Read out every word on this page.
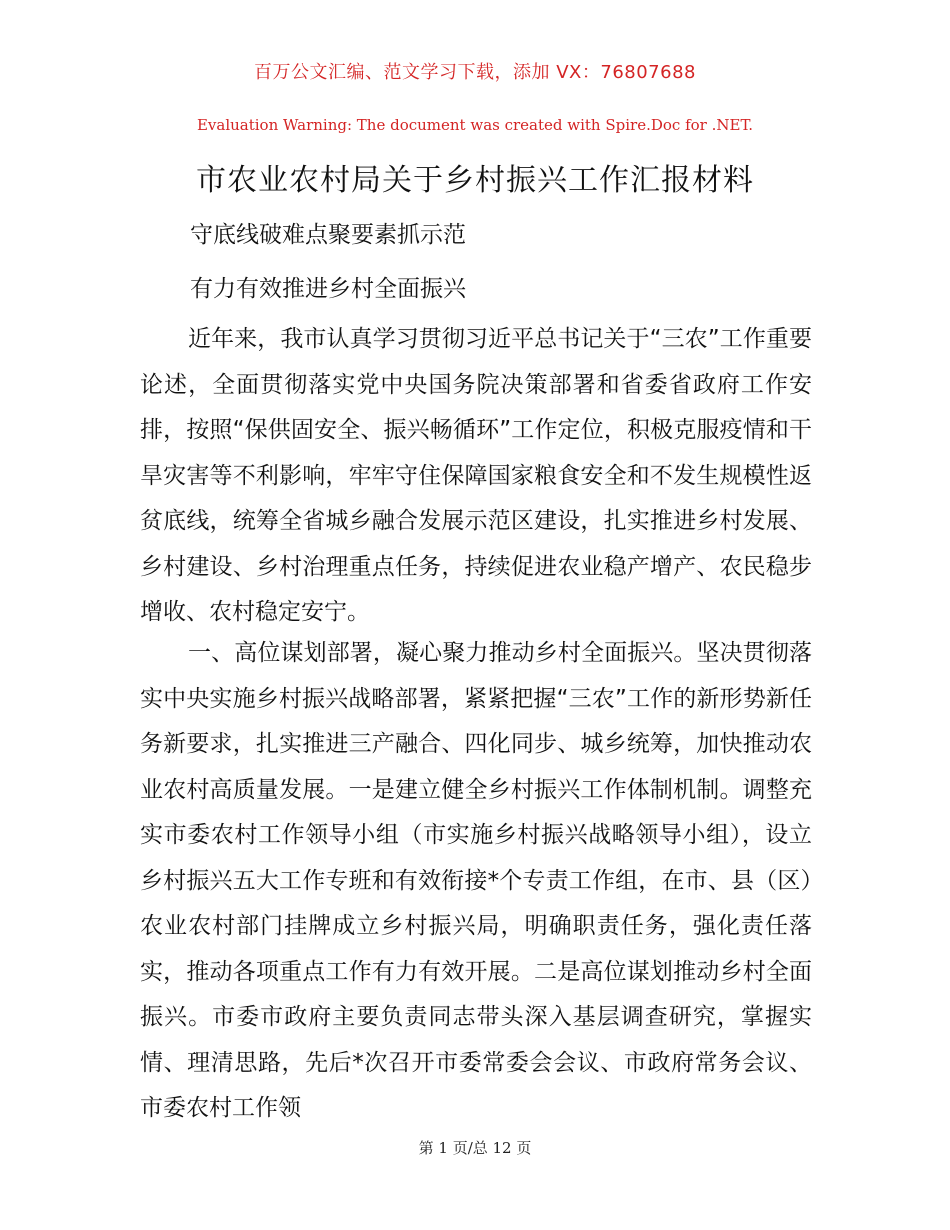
百万公文汇编、范文学习下载，添加 VX：76807688
Evaluation Warning: The document was created with Spire.Doc for .NET.
市农业农村局关于乡村振兴工作汇报材料
守底线破难点聚要素抓示范
有力有效推进乡村全面振兴

近年来，我市认真学习贯彻习近平总书记关于“三农”工作重要论述，全面贯彻落实党中央国务院决策部署和省委省政府工作安排，按照“保供固安全、振兴畅循环”工作定位，积极克服疫情和干旱灾害等不利影响，牢牢守住保障国家粮食安全和不发生规模性返贫底线，统筹全省城乡融合发展示范区建设，扎实推进乡村发展、乡村建设、乡村治理重点任务，持续促进农业稳产增产、农民稳步增收、农村稳定安宁。

一、高位谋划部署，凝心聚力推动乡村全面振兴。坚决贯彻落实中央实施乡村振兴战略部署，紧紧把握“三农”工作的新形势新任务新要求，扎实推进三产融合、四化同步、城乡统筹，加快推动农业农村高质量发展。一是建立健全乡村振兴工作体制机制。调整充实市委农村工作领导小组（市实施乡村振兴战略领导小组），设立乡村振兴五大工作专班和有效衔接*个专责工作组，在市、县（区）农业农村部门挂牌成立乡村振兴局，明确职责任务，强化责任落实，推动各项重点工作有力有效开展。二是高位谋划推动乡村全面振兴。市委市政府主要负责同志带头深入基层调查研究，掌握实情、理清思路，先后*次召开市委常委会会议、市政府常务会议、市委农村工作领

第 1 页/总 12 页
